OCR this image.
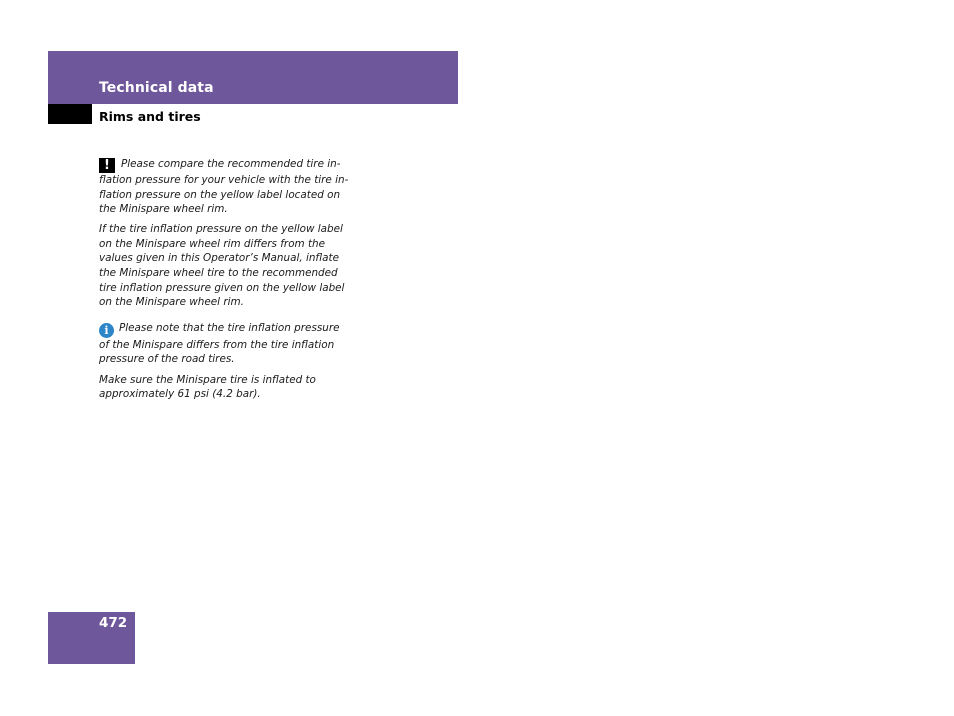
Technical data
Rims and tires

! Please compare the recommended tire in-

flation pressure for your vehicle with the tire in-

flation pressure on the yellow label located on

the Minispare wheel rim.

If the tire inflation pressure on the yellow label

on the Minispare wheel rim differs from the

values given in this Operator’s Manual, inflate

the Minispare wheel tire to the recommended

tire inflation pressure given on the yellow label

on the Minispare wheel rim.

i Please note that the tire inflation pressure

of the Minispare differs from the tire inflation

pressure of the road tires.

Make sure the Minispare tire is inflated to

approximately 61 psi (4.2 bar).

472
